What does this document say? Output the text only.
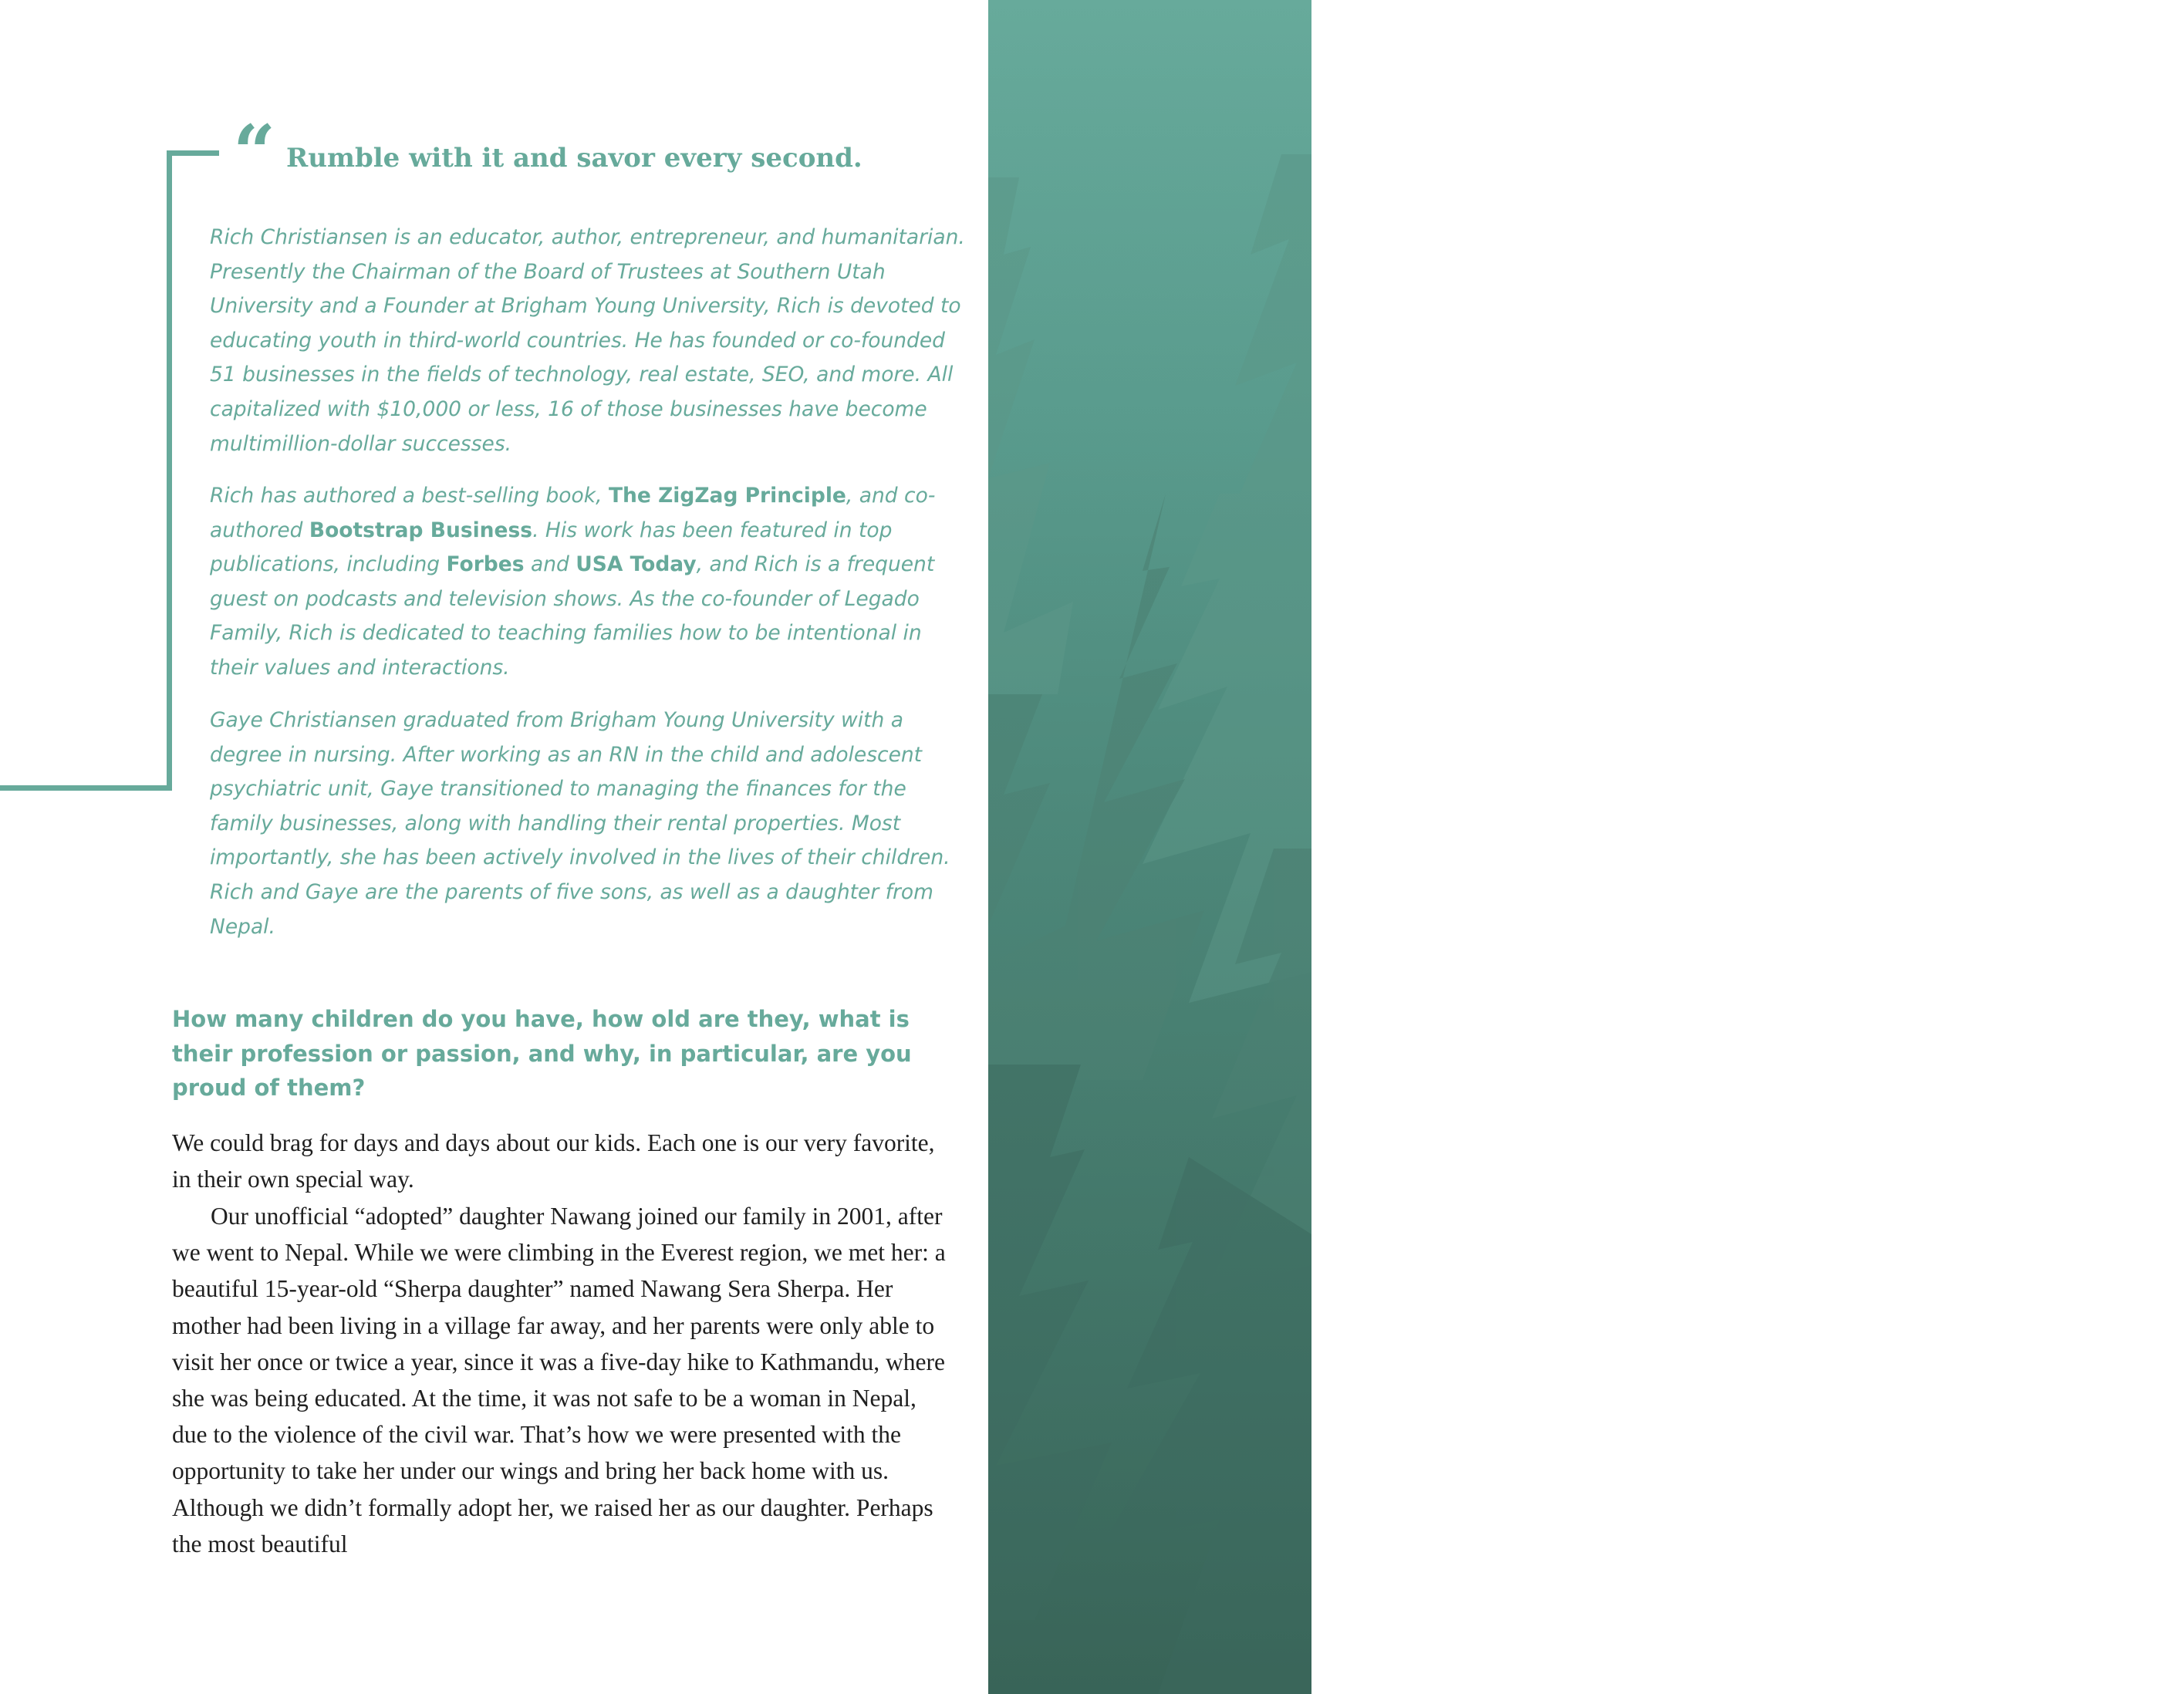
175
“ Rumble with it and savor every second.

Rich Christiansen is an educator, author, entrepreneur, and humanitarian. Presently the Chairman of the Board of Trustees at Southern Utah University and a Founder at Brigham Young University, Rich is devoted to educating youth in third-world countries. He has founded or co-founded 51 businesses in the fields of technology, real estate, SEO, and more. All capitalized with $10,000 or less, 16 of those businesses have become multimillion-dollar successes.

Rich has authored a best-selling book, The ZigZag Principle, and co-authored Bootstrap Business. His work has been featured in top publications, including Forbes and USA Today, and Rich is a frequent guest on podcasts and television shows. As the co-founder of Legado Family, Rich is dedicated to teaching families how to be intentional in their values and interactions.

Gaye Christiansen graduated from Brigham Young University with a degree in nursing. After working as an RN in the child and adolescent psychiatric unit, Gaye transitioned to managing the finances for the family businesses, along with handling their rental properties. Most importantly, she has been actively involved in the lives of their children. Rich and Gaye are the parents of five sons, as well as a daughter from Nepal.

How many children do you have, how old are they, what is their profession or passion, and why, in particular, are you proud of them?

We could brag for days and days about our kids. Each one is our very favorite, in their own special way.

Our unofficial “adopted” daughter Nawang joined our family in 2001, after we went to Nepal. While we were climbing in the Everest region, we met her: a beautiful 15-year-old “Sherpa daughter” named Nawang Sera Sherpa. Her mother had been living in a village far away, and her parents were only able to visit her once or twice a year, since it was a five-day hike to Kathmandu, where she was being educated. At the time, it was not safe to be a woman in Nepal, due to the violence of the civil war. That’s how we were presented with the opportunity to take her under our wings and bring her back home with us. Although we didn’t formally adopt her, we raised her as our daughter. Perhaps the most beautiful
